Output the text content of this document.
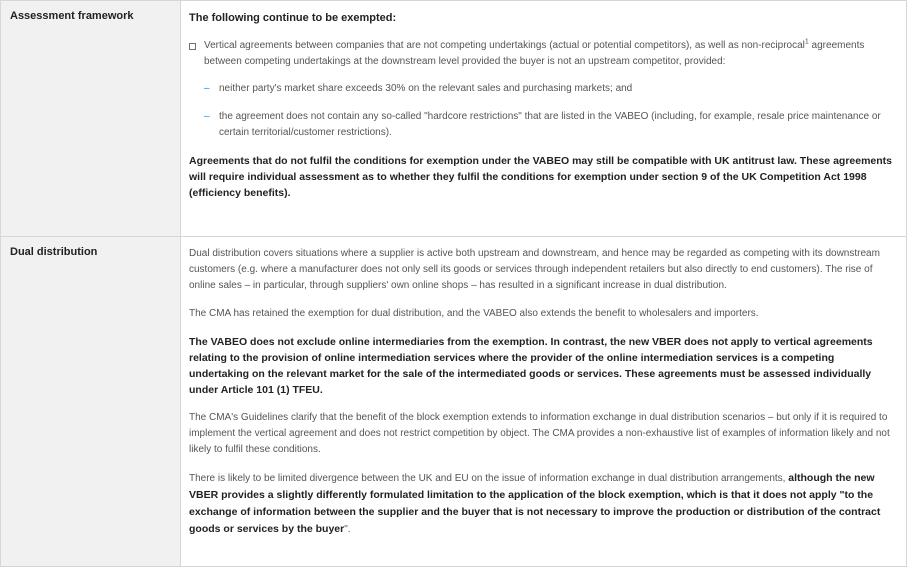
Assessment framework	The following continue to be exempted:

Vertical agreements between companies that are not competing undertakings (actual or potential competitors), as well as non-reciprocal$^1$ agreements between competing undertakings at the downstream level provided the buyer is not an upstream competitor, provided:
– neither party's market share exceeds 30% on the relevant sales and purchasing markets; and
– the agreement does not contain any so-called "hardcore restrictions" that are listed in the VABEO (including, for example, resale price maintenance or certain territorial/customer restrictions).

Agreements that do not fulfil the conditions for exemption under the VABEO may still be compatible with UK antitrust law. These agreements will require individual assessment as to whether they fulfil the conditions for exemption under section 9 of the UK Competition Act 1998 (efficiency benefits).

Dual distribution	Dual distribution covers situations where a supplier is active both upstream and downstream, and hence may be regarded as competing with its downstream customers (e.g. where a manufacturer does not only sell its goods or services through independent retailers but also directly to end customers). The rise of online sales – in particular, through suppliers' own online shops – has resulted in a significant increase in dual distribution.

The CMA has retained the exemption for dual distribution, and the VABEO also extends the benefit to wholesalers and importers.

The VABEO does not exclude online intermediaries from the exemption. In contrast, the new VBER does not apply to vertical agreements relating to the provision of online intermediation services where the provider of the online intermediation services is a competing undertaking on the relevant market for the sale of the intermediated goods or services. These agreements must be assessed individually under Article 101 (1) TFEU.

The CMA's Guidelines clarify that the benefit of the block exemption extends to information exchange in dual distribution scenarios – but only if it is required to implement the vertical agreement and does not restrict competition by object. The CMA provides a non-exhaustive list of examples of information likely and not likely to fulfil these conditions.

There is likely to be limited divergence between the UK and EU on the issue of information exchange in dual distribution arrangements, although the new VBER provides a slightly differently formulated limitation to the application of the block exemption, which is that it does not apply "to the exchange of information between the supplier and the buyer that is not necessary to improve the production or distribution of the contract goods or services by the buyer".
